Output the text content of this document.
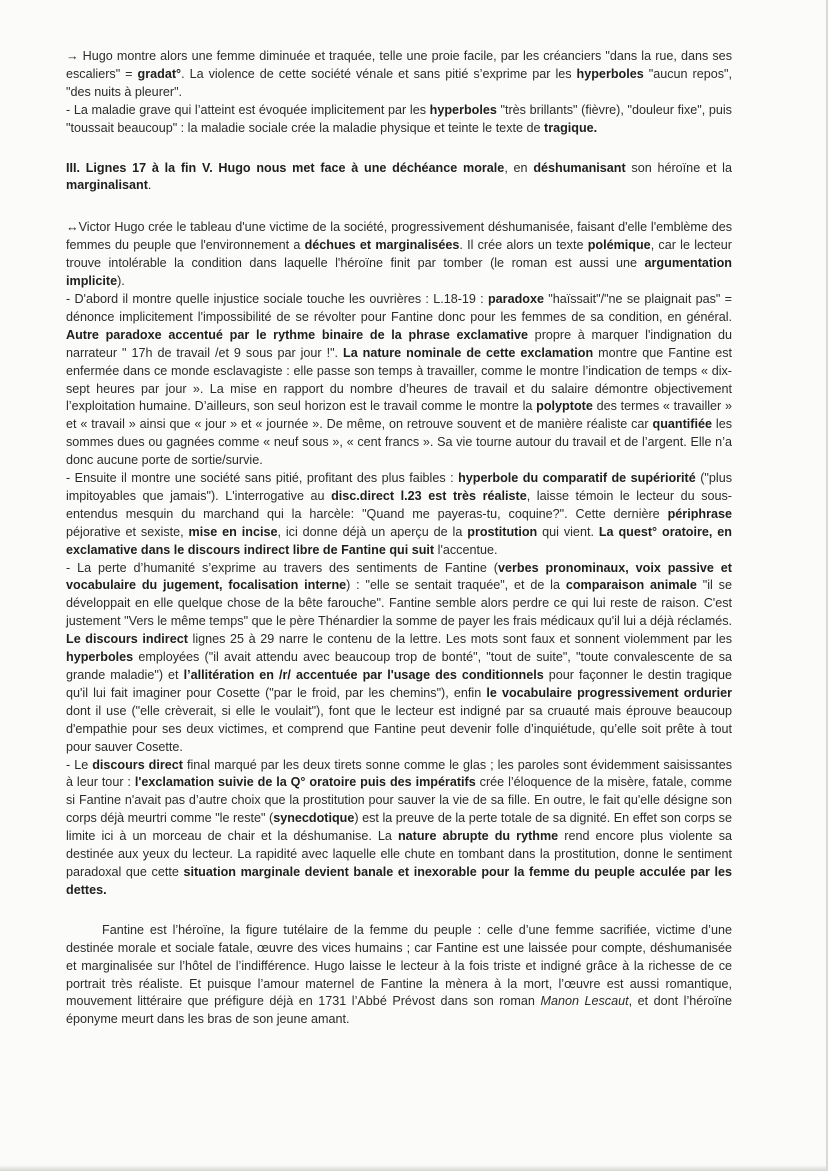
→ Hugo montre alors une femme diminuée et traquée, telle une proie facile, par les créanciers "dans la rue, dans ses escaliers" = gradat°. La violence de cette société vénale et sans pitié s’exprime par les hyperboles "aucun repos", "des nuits à pleurer".

- La maladie grave qui l’atteint est évoquée implicitement par les hyperboles "très brillants" (fièvre), "douleur fixe", puis "toussait beaucoup" : la maladie sociale crée la maladie physique et teinte le texte de tragique.

III. Lignes 17 à la fin V. Hugo nous met face à une déchéance morale, en déshumanisant son héroïne et la marginalisant.

↔Victor Hugo crée le tableau d'une victime de la société, progressivement déshumanisée, faisant d'elle l'emblème des femmes du peuple que l'environnement a déchues et marginalisées. Il crée alors un texte polémique, car le lecteur trouve intolérable la condition dans laquelle l'héroïne finit par tomber (le roman est aussi une argumentation implicite).

- D'abord il montre quelle injustice sociale touche les ouvrières : L.18-19 : paradoxe "haïssait"/"ne se plaignait pas" = dénonce implicitement l'impossibilité de se révolter pour Fantine donc pour les femmes de sa condition, en général. Autre paradoxe accentué par le rythme binaire de la phrase exclamative propre à marquer l'indignation du narrateur " 17h de travail /et 9 sous par jour !". La nature nominale de cette exclamation montre que Fantine est enfermée dans ce monde esclavagiste : elle passe son temps à travailler, comme le montre l’indication de temps « dix-sept heures par jour ». La mise en rapport du nombre d’heures de travail et du salaire démontre objectivement l’exploitation humaine. D’ailleurs, son seul horizon est le travail comme le montre la polyptote des termes « travailler » et « travail » ainsi que « jour » et « journée ». De même, on retrouve souvent et de manière réaliste car quantifiée les sommes dues ou gagnées comme « neuf sous », « cent francs ». Sa vie tourne autour du travail et de l’argent. Elle n’a donc aucune porte de sortie/survie.

- Ensuite il montre une société sans pitié, profitant des plus faibles : hyperbole du comparatif de supériorité ("plus impitoyables que jamais"). L'interrogative au disc.direct l.23 est très réaliste, laisse témoin le lecteur du sous-entendus mesquin du marchand qui la harcèle: "Quand me payeras-tu, coquine?". Cette dernière périphrase péjorative et sexiste, mise en incise, ici donne déjà un aperçu de la prostitution qui vient. La quest° oratoire, en exclamative dans le discours indirect libre de Fantine qui suit l'accentue.

- La perte d’humanité s’exprime au travers des sentiments de Fantine (verbes pronominaux, voix passive et vocabulaire du jugement, focalisation interne) : "elle se sentait traquée", et de la comparaison animale "il se développait en elle quelque chose de la bête farouche". Fantine semble alors perdre ce qui lui reste de raison. C'est justement "Vers le même temps" que le père Thénardier la somme de payer les frais médicaux qu'il lui a déjà réclamés. Le discours indirect lignes 25 à 29 narre le contenu de la lettre. Les mots sont faux et sonnent violemment par les hyperboles employées ("il avait attendu avec beaucoup trop de bonté", "tout de suite", "toute convalescente de sa grande maladie") et l’allitération en /r/ accentuée par l'usage des conditionnels pour façonner le destin tragique qu'il lui fait imaginer pour Cosette ("par le froid, par les chemins"), enfin le vocabulaire progressivement ordurier dont il use ("elle crèverait, si elle le voulait"), font que le lecteur est indigné par sa cruauté mais éprouve beaucoup d'empathie pour ses deux victimes, et comprend que Fantine peut devenir folle d’inquiétude, qu’elle soit prête à tout pour sauver Cosette.

- Le discours direct final marqué par les deux tirets sonne comme le glas ; les paroles sont évidemment saisissantes à leur tour : l'exclamation suivie de la Q° oratoire puis des impératifs crée l’éloquence de la misère, fatale, comme si Fantine n'avait pas d’autre choix que la prostitution pour sauver la vie de sa fille. En outre, le fait qu'elle désigne son corps déjà meurtri comme "le reste" (synecdotique) est la preuve de la perte totale de sa dignité. En effet son corps se limite ici à un morceau de chair et la déshumanise. La nature abrupte du rythme rend encore plus violente sa destinée aux yeux du lecteur. La rapidité avec laquelle elle chute en tombant dans la prostitution, donne le sentiment paradoxal que cette situation marginale devient banale et inexorable pour la femme du peuple acculée par les dettes.

Fantine est l’héroïne, la figure tutélaire de la femme du peuple : celle d’une femme sacrifiée, victime d’une destinée morale et sociale fatale, œuvre des vices humains ; car Fantine est une laissée pour compte, déshumanisée et marginalisée sur l’hôtel de l’indifférence. Hugo laisse le lecteur à la fois triste et indigné grâce à la richesse de ce portrait très réaliste. Et puisque l’amour maternel de Fantine la mènera à la mort, l’œuvre est aussi romantique, mouvement littéraire que préfigure déjà en 1731 l’Abbé Prévost dans son roman Manon Lescaut, et dont l’héroïne éponyme meurt dans les bras de son jeune amant.
